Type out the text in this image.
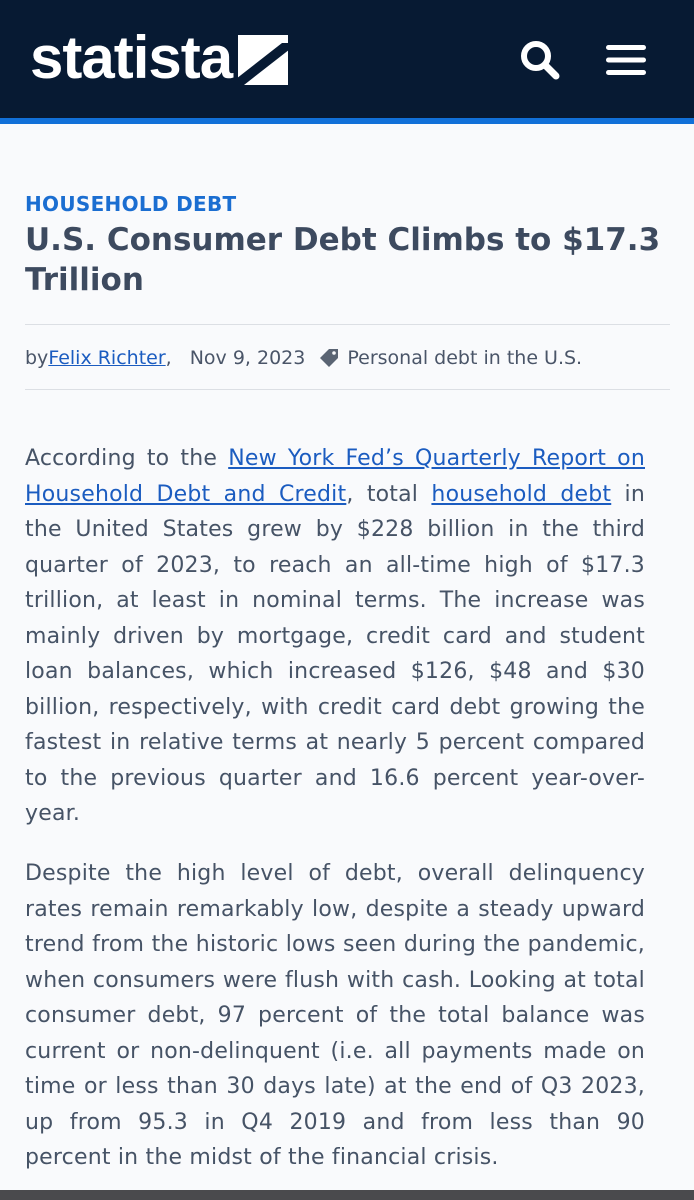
statista
HOUSEHOLD DEBT
U.S. Consumer Debt Climbs to $17.3 Trillion
by Felix Richter , Nov 9, 2023 Personal debt in the U.S.

According to the New York Fed’s Quarterly Report on Household Debt and Credit, total household debt in the United States grew by $228 billion in the third quarter of 2023, to reach an all-time high of $17.3 trillion, at least in nominal terms. The increase was mainly driven by mortgage, credit card and student loan balances, which increased $126, $48 and $30 billion, respectively, with credit card debt growing the fastest in relative terms at nearly 5 percent compared to the previous quarter and 16.6 percent year-over-year.

Despite the high level of debt, overall delinquency rates remain remarkably low, despite a steady upward trend from the historic lows seen during the pandemic, when consumers were flush with cash. Looking at total consumer debt, 97 percent of the total balance was current or non-delinquent (i.e. all payments made on time or less than 30 days late) at the end of Q3 2023, up from 95.3 in Q4 2019 and from less than 90 percent in the midst of the financial crisis.
